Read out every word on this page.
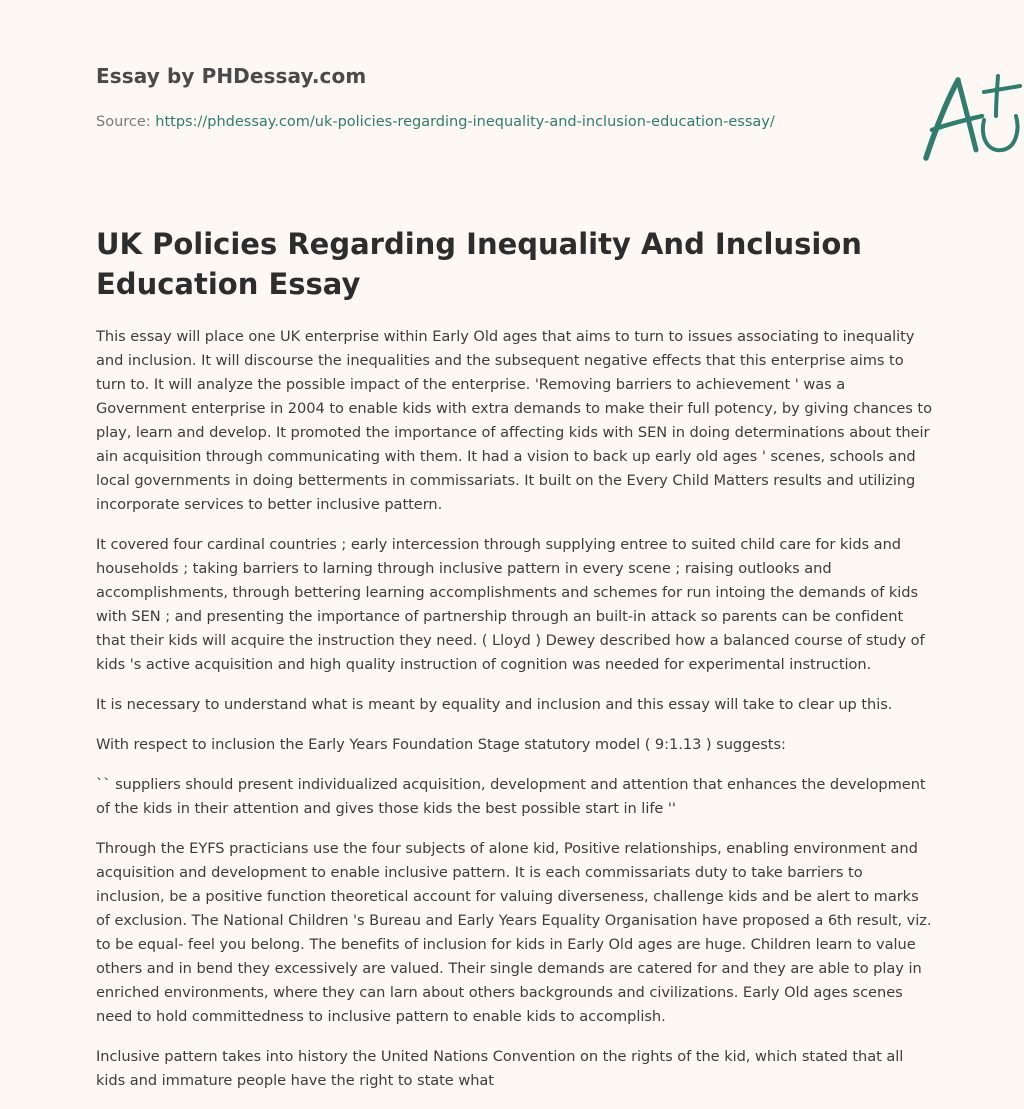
Essay by PHDessay.com
Source: https://phdessay.com/uk-policies-regarding-inequality-and-inclusion-education-essay/
UK Policies Regarding Inequality And Inclusion Education Essay

This essay will place one UK enterprise within Early Old ages that aims to turn to issues associating to inequality and inclusion. It will discourse the inequalities and the subsequent negative effects that this enterprise aims to turn to. It will analyze the possible impact of the enterprise. 'Removing barriers to achievement ' was a Government enterprise in 2004 to enable kids with extra demands to make their full potency, by giving chances to play, learn and develop. It promoted the importance of affecting kids with SEN in doing determinations about their ain acquisition through communicating with them. It had a vision to back up early old ages ' scenes, schools and local governments in doing betterments in commissariats. It built on the Every Child Matters results and utilizing incorporate services to better inclusive pattern.

It covered four cardinal countries ; early intercession through supplying entree to suited child care for kids and households ; taking barriers to larning through inclusive pattern in every scene ; raising outlooks and accomplishments, through bettering learning accomplishments and schemes for run intoing the demands of kids with SEN ; and presenting the importance of partnership through an built-in attack so parents can be confident that their kids will acquire the instruction they need. ( Lloyd ) Dewey described how a balanced course of study of kids 's active acquisition and high quality instruction of cognition was needed for experimental instruction.

It is necessary to understand what is meant by equality and inclusion and this essay will take to clear up this.

With respect to inclusion the Early Years Foundation Stage statutory model ( 9:1.13 ) suggests:

`` suppliers should present individualized acquisition, development and attention that enhances the development of the kids in their attention and gives those kids the best possible start in life ''

Through the EYFS practicians use the four subjects of alone kid, Positive relationships, enabling environment and acquisition and development to enable inclusive pattern. It is each commissariats duty to take barriers to inclusion, be a positive function theoretical account for valuing diverseness, challenge kids and be alert to marks of exclusion. The National Children 's Bureau and Early Years Equality Organisation have proposed a 6th result, viz. to be equal- feel you belong. The benefits of inclusion for kids in Early Old ages are huge. Children learn to value others and in bend they excessively are valued. Their single demands are catered for and they are able to play in enriched environments, where they can larn about others backgrounds and civilizations. Early Old ages scenes need to hold committedness to inclusive pattern to enable kids to accomplish.

Inclusive pattern takes into history the United Nations Convention on the rights of the kid, which stated that all kids and immature people have the right to state what
